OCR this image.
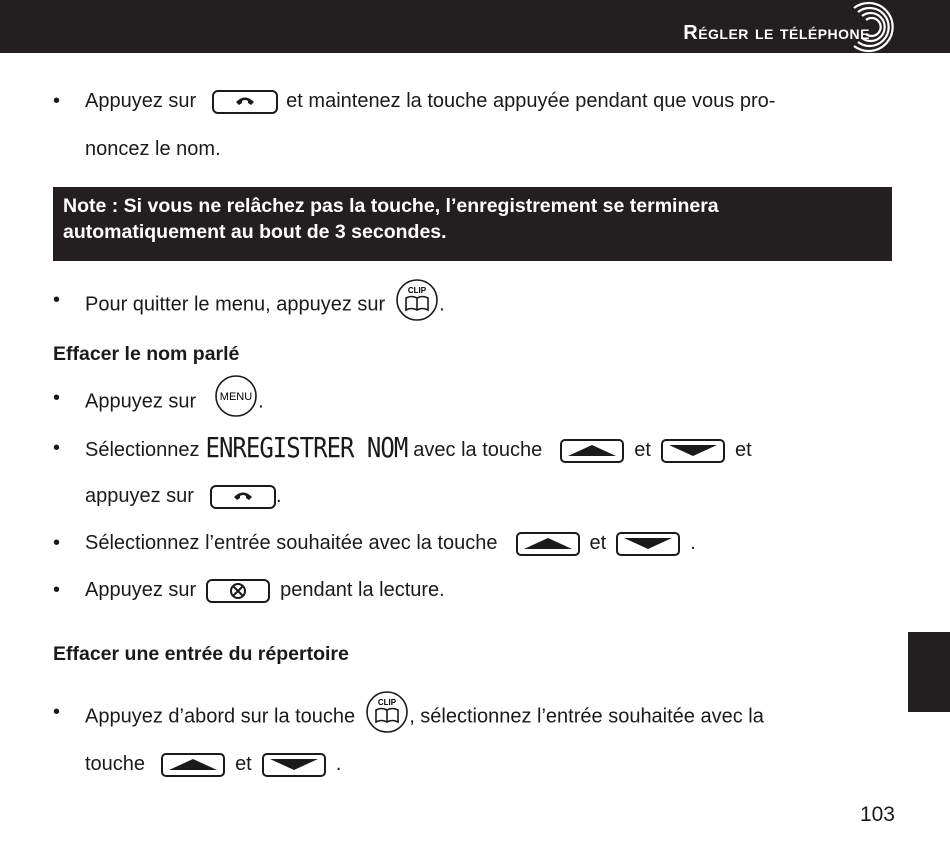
Régler le téléphone
• Appuyez sur	et maintenez la touche appuyée pendant que vous pro-
noncez le nom.
Note : Si vous ne relâchez pas la touche, l’enregistrement se terminera
automatiquement au bout de 3 secondes.
• Pour quitter le menu, appuyez sur
CLIP
.
Effacer le nom parlé
• Appuyez sur MENU .
• Sélectionnez ENREGISTRER NOM avec la touche	et	et
appuyez sur	.
• Sélectionnez l’entrée souhaitée avec la touche	et	.
• Appuyez sur	pendant la lecture.
Effacer une entrée du répertoire
• Appuyez d’abord sur la touche
CLIP
, sélectionnez l’entrée souhaitée avec la
touche	et	.
103
